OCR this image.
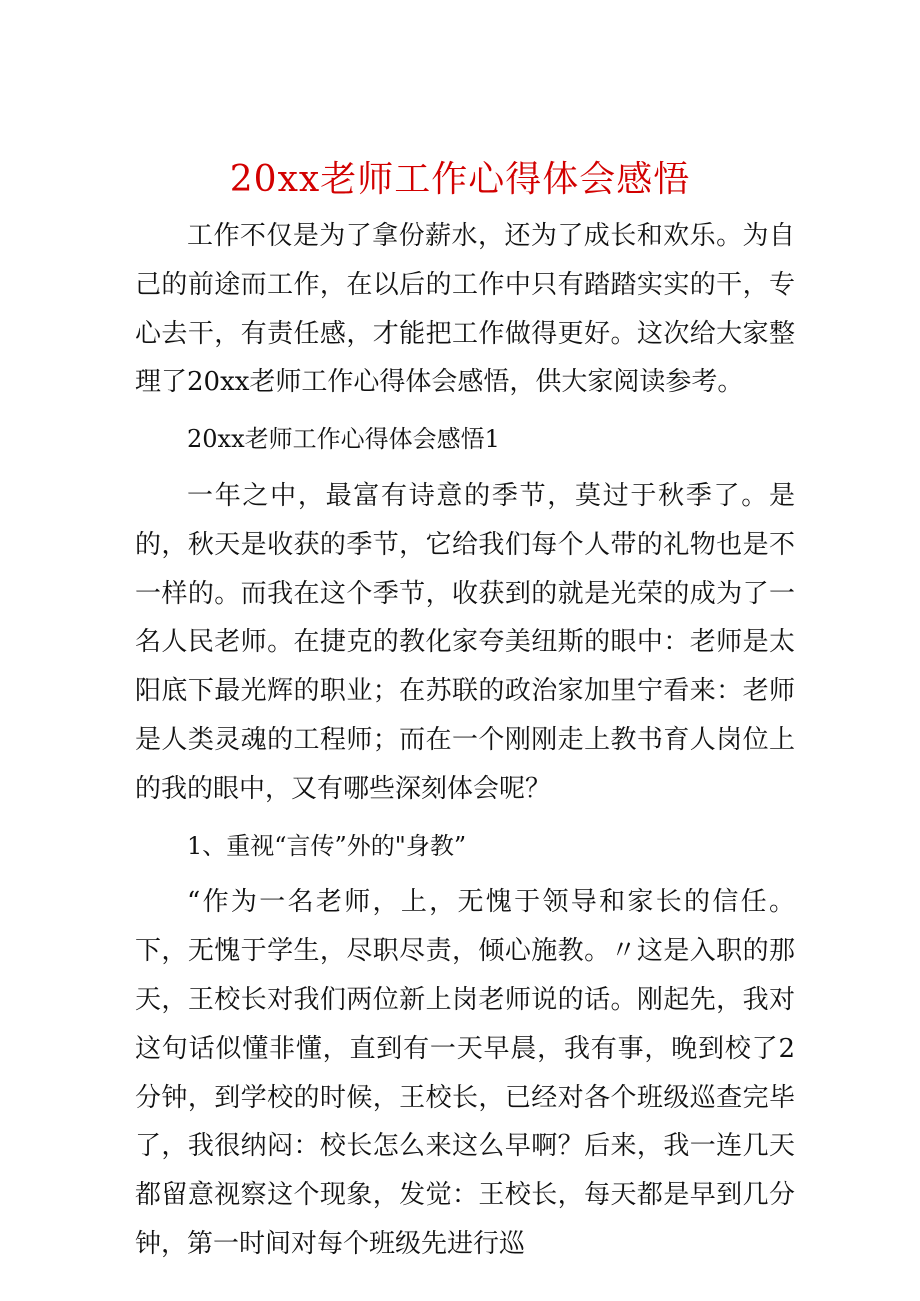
20xx老师工作心得体会感悟

工作不仅是为了拿份薪水，还为了成长和欢乐。为自己的前途而工作，在以后的工作中只有踏踏实实的干，专心去干，有责任感，才能把工作做得更好。这次给大家整理了20xx老师工作心得体会感悟，供大家阅读参考。

20xx老师工作心得体会感悟1

一年之中，最富有诗意的季节，莫过于秋季了。是的，秋天是收获的季节，它给我们每个人带的礼物也是不一样的。而我在这个季节，收获到的就是光荣的成为了一名人民老师。在捷克的教化家夸美纽斯的眼中：老师是太阳底下最光辉的职业；在苏联的政治家加里宁看来：老师是人类灵魂的工程师；而在一个刚刚走上教书育人岗位上的我的眼中，又有哪些深刻体会呢？

1、重视“言传”外的"身教”

“作为一名老师，上，无愧于领导和家长的信任。下，无愧于学生，尽职尽责，倾心施教。〃这是入职的那天，王校长对我们两位新上岗老师说的话。刚起先，我对这句话似懂非懂，直到有一天早晨，我有事，晚到校了2分钟，到学校的时候，王校长，已经对各个班级巡查完毕了，我很纳闷：校长怎么来这么早啊？后来，我一连几天都留意视察这个现象，发觉：王校长，每天都是早到几分钟，第一时间对每个班级先进行巡
